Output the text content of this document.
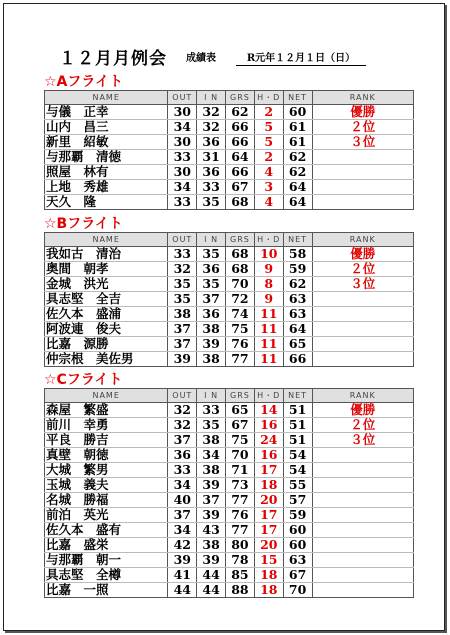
１２月月例会 成績表	R元年１２月１日（日）
☆Aフライト
NAME	OUT	I N	GRS	H・D	NET	RANK
与儀　正幸	30	32	62	2	60	優勝
山内　昌三	34	32	66	5	61	２位
新里　紹敏	30	36	66	5	61	３位
与那覇　清徳	33	31	64	2	62	
照屋　林有	30	36	66	4	62	
上地　秀雄	34	33	67	3	64	
天久　隆	33	35	68	4	64	
☆Bフライト
NAME	OUT	I N	GRS	H・D	NET	RANK
我如古　清治	33	35	68	10	58	優勝
奥間　朝孝	32	36	68	9	59	２位
金城　洪光	35	35	70	8	62	３位
具志堅　全吉	35	37	72	9	63	
佐久本　盛浦	38	36	74	11	63	
阿波連　俊夫	37	38	75	11	64	
比嘉　源勝	37	39	76	11	65	
仲宗根　美佐男	39	38	77	11	66	
☆Cフライト
NAME	OUT	I N	GRS	H・D	NET	RANK
森屋　繁盛	32	33	65	14	51	優勝
前川　幸勇	32	35	67	16	51	２位
平良　勝吉	37	38	75	24	51	３位
真壁　朝徳	36	34	70	16	54	
大城　繁男	33	38	71	17	54	
玉城　義夫	34	39	73	18	55	
名城　勝福	40	37	77	20	57	
前泊　英光	37	39	76	17	59	
佐久本　盛有	34	43	77	17	60	
比嘉　盛栄	42	38	80	20	60	
与那覇　朝一	39	39	78	15	63	
具志堅　全樽	41	44	85	18	67	
比嘉　一照	44	44	88	18	70	
